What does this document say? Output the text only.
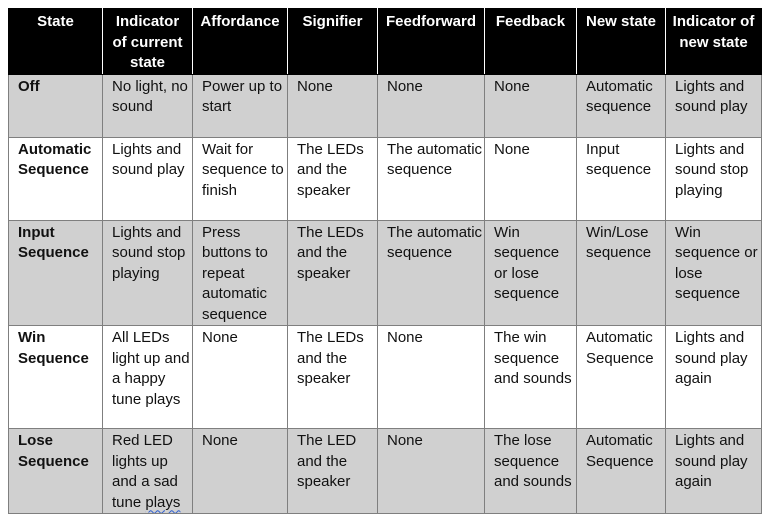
State	Indicator of current state	Affordance	Signifier	Feedforward	Feedback	New state	Indicator of new state
Off	No light, no sound	Power up to start	None	None	None	Automatic sequence	Lights and sound play
Automatic Sequence	Lights and sound play	Wait for sequence to finish	The LEDs and the speaker	The automatic sequence	None	Input sequence	Lights and sound stop playing
Input Sequence	Lights and sound stop playing	Press buttons to repeat automatic sequence	The LEDs and the speaker	The automatic sequence	Win sequence or lose sequence	Win/Lose sequence	Win sequence or lose sequence
Win Sequence	All LEDs light up and a happy tune plays	None	The LEDs and the speaker	None	The win sequence and sounds	Automatic Sequence	Lights and sound play again
Lose Sequence	Red LED lights up and a sad tune plays	None	The LED and the speaker	None	The lose sequence and sounds	Automatic Sequence	Lights and sound play again
